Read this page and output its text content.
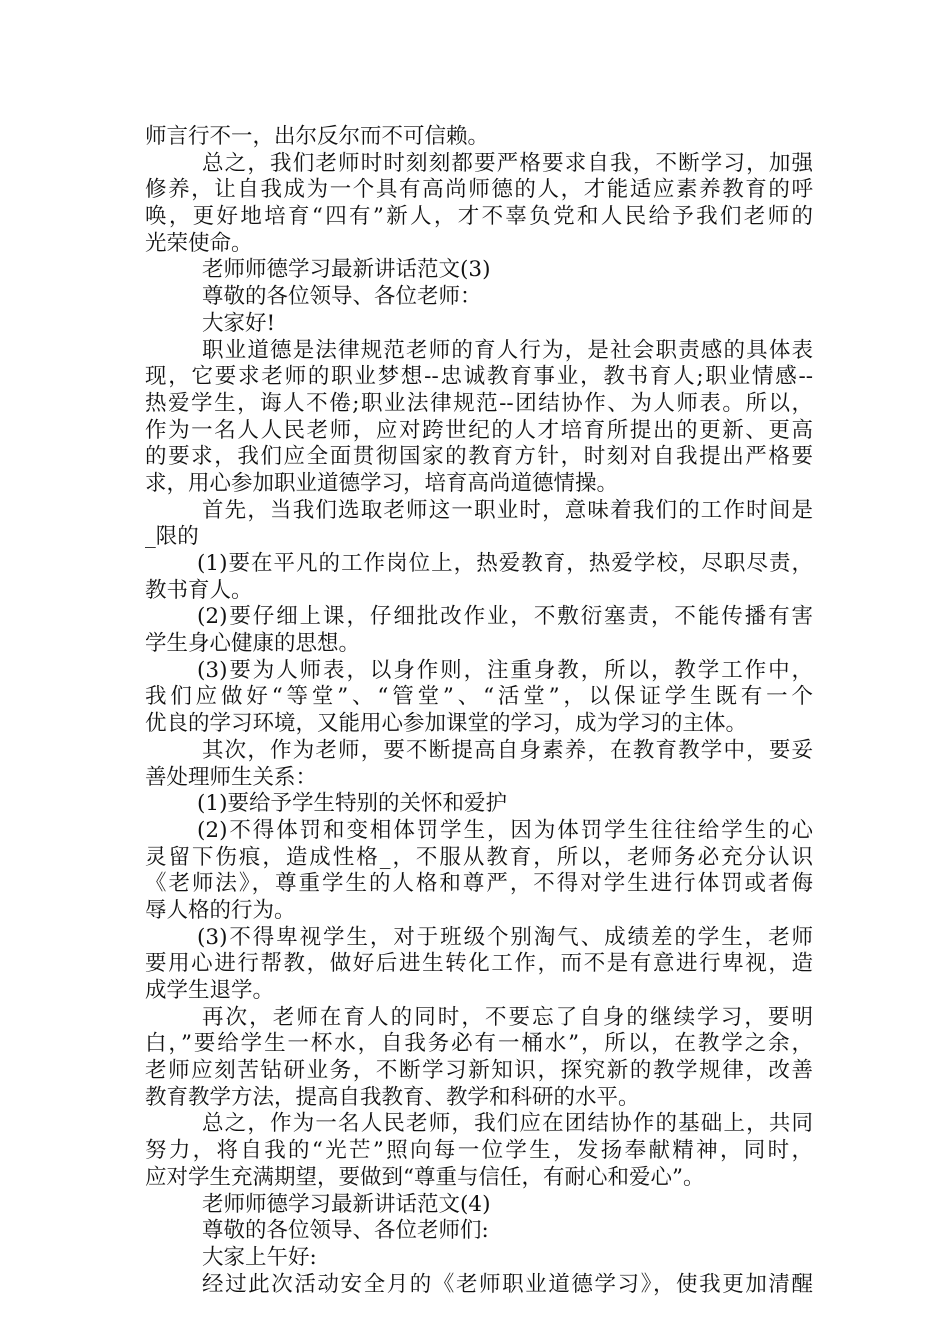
师言行不一，出尔反尔而不可信赖。
总之，我们老师时时刻刻都要严格要求自我，不断学习，加强
修养，让自我成为一个具有高尚师德的人，才能适应素养教育的呼
唤，更好地培育“四有”新人，才不辜负党和人民给予我们老师的
光荣使命。
老师师德学习最新讲话范文(3)
尊敬的各位领导、各位老师：
大家好!
职业道德是法律规范老师的育人行为，是社会职责感的具体表
现，它要求老师的职业梦想--忠诚教育事业，教书育人;职业情感--
热爱学生，诲人不倦;职业法律规范--团结协作、为人师表。所以，
作为一名人人民老师，应对跨世纪的人才培育所提出的更新、更高
的要求，我们应全面贯彻国家的教育方针，时刻对自我提出严格要
求，用心参加职业道德学习，培育高尚道德情操。
首先，当我们选取老师这一职业时，意味着我们的工作时间是
_限的
(1)要在平凡的工作岗位上，热爱教育，热爱学校，尽职尽责，
教书育人。
(2)要仔细上课，仔细批改作业，不敷衍塞责，不能传播有害
学生身心健康的思想。
(3)要为人师表，以身作则，注重身教，所以，教学工作中，
我们应做好“等堂”、“管堂”、“活堂”，以保证学生既有一个
优良的学习环境，又能用心参加课堂的学习，成为学习的主体。
其次，作为老师，要不断提高自身素养，在教育教学中，要妥
善处理师生关系：
(1)要给予学生特别的关怀和爱护
(2)不得体罚和变相体罚学生，因为体罚学生往往给学生的心
灵留下伤痕，造成性格_，不服从教育，所以，老师务必充分认识
《老师法》，尊重学生的人格和尊严，不得对学生进行体罚或者侮
辱人格的行为。
(3)不得卑视学生，对于班级个别淘气、成绩差的学生，老师
要用心进行帮教，做好后进生转化工作，而不是有意进行卑视，造
成学生退学。
再次，老师在育人的同时，不要忘了自身的继续学习，要明
白，”要给学生一杯水，自我务必有一桶水”，所以，在教学之余，
老师应刻苦钻研业务，不断学习新知识，探究新的教学规律，改善
教育教学方法，提高自我教育、教学和科研的水平。
总之，作为一名人民老师，我们应在团结协作的基础上，共同
努力，将自我的“光芒”照向每一位学生，发扬奉献精神，同时，
应对学生充满期望，要做到“尊重与信任，有耐心和爱心”。
老师师德学习最新讲话范文(4)
尊敬的各位领导、各位老师们:
大家上午好:
经过此次活动安全月的《老师职业道德学习》，使我更加清醒
